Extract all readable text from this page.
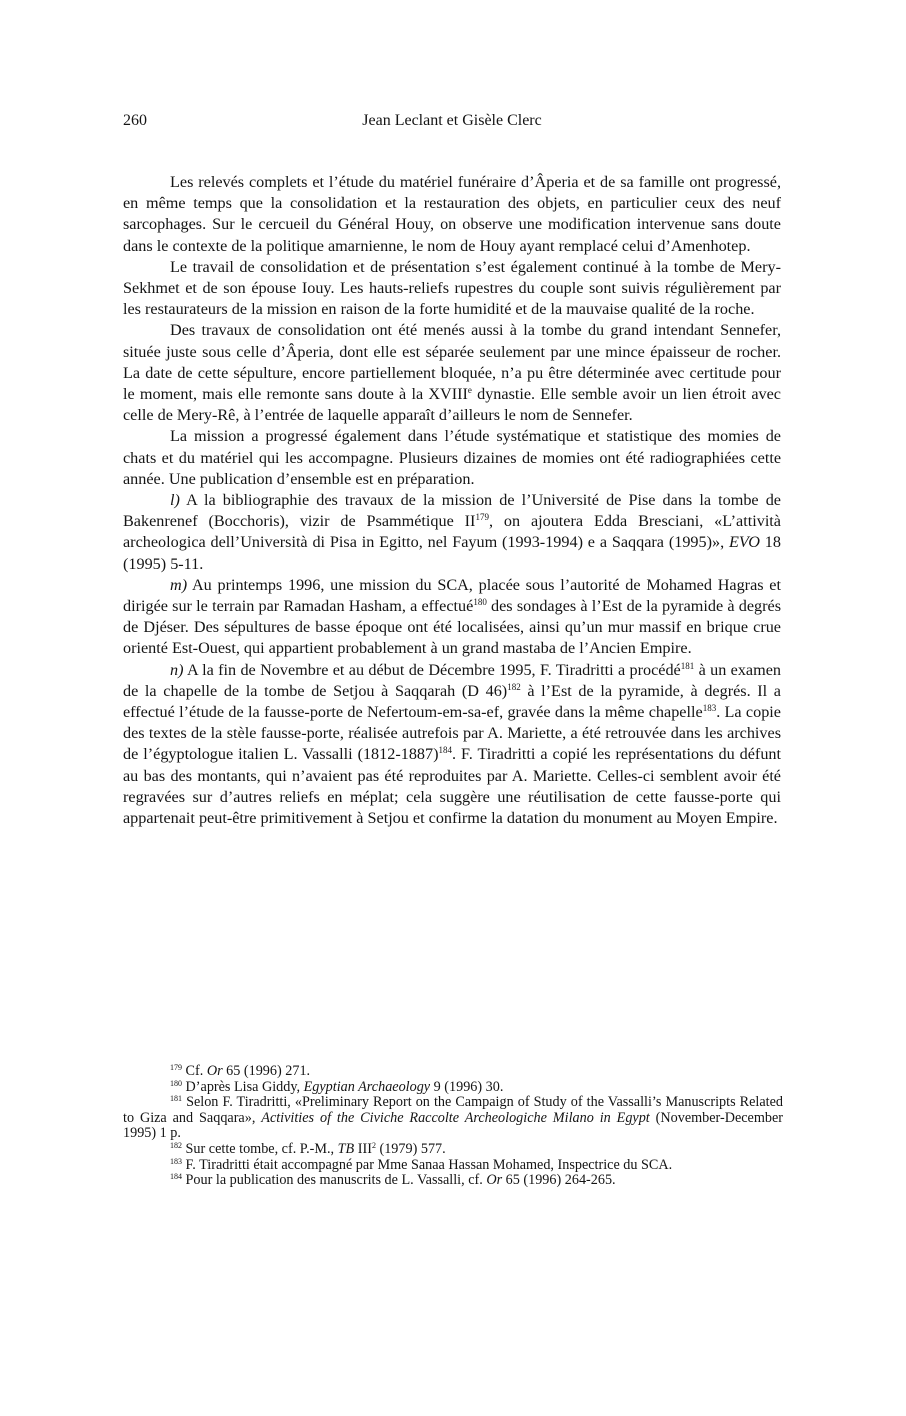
260	Jean Leclant et Gisèle Clerc

Les relevés complets et l’étude du matériel funéraire d’Âperia et de sa famille ont progressé, en même temps que la consolidation et la restauration des objets, en particulier ceux des neuf sarcophages. Sur le cercueil du Général Houy, on observe une modification intervenue sans doute dans le contexte de la politique amarnienne, le nom de Houy ayant remplacé celui d’Amenhotep.

Le travail de consolidation et de présentation s’est également continué à la tombe de Mery-Sekhmet et de son épouse Iouy. Les hauts-reliefs rupestres du couple sont suivis régulièrement par les restaurateurs de la mission en raison de la forte humidité et de la mauvaise qualité de la roche.

Des travaux de consolidation ont été menés aussi à la tombe du grand intendant Sennefer, située juste sous celle d’Âperia, dont elle est séparée seulement par une mince épaisseur de rocher. La date de cette sépulture, encore partiellement bloquée, n’a pu être déterminée avec certitude pour le moment, mais elle remonte sans doute à la XVIIIe dynastie. Elle semble avoir un lien étroit avec celle de Mery-Rê, à l’entrée de laquelle apparaît d’ailleurs le nom de Sennefer.

La mission a progressé également dans l’étude systématique et statistique des momies de chats et du matériel qui les accompagne. Plusieurs dizaines de momies ont été radiographiées cette année. Une publication d’ensemble est en préparation.

l) A la bibliographie des travaux de la mission de l’Université de Pise dans la tombe de Bakenrenef (Bocchoris), vizir de Psammétique II$^{179}$, on ajoutera Edda Bresciani, «L’attività archeologica dell’Università di Pisa in Egitto, nel Fayum (1993-1994) e a Saqqara (1995)», EVO 18 (1995) 5-11.

m) Au printemps 1996, une mission du SCA, placée sous l’autorité de Mohamed Hagras et dirigée sur le terrain par Ramadan Hasham, a effectué$^{180}$ des sondages à l’Est de la pyramide à degrés de Djéser. Des sépultures de basse époque ont été localisées, ainsi qu’un mur massif en brique crue orienté Est-Ouest, qui appartient probablement à un grand mastaba de l’Ancien Empire.

n) A la fin de Novembre et au début de Décembre 1995, F. Tiradritti a procédé$^{181}$ à un examen de la chapelle de la tombe de Setjou à Saqqarah (D 46)$^{182}$ à l’Est de la pyramide, à degrés. Il a effectué l’étude de la fausse-porte de Nefertoum-em-sa-ef, gravée dans la même chapelle$^{183}$. La copie des textes de la stèle fausse-porte, réalisée autrefois par A. Mariette, a été retrouvée dans les archives de l’égyptologue italien L. Vassalli (1812-1887)$^{184}$. F. Tiradritti a copié les représentations du défunt au bas des montants, qui n’avaient pas été reproduites par A. Mariette. Celles-ci semblent avoir été regravées sur d’autres reliefs en méplat; cela suggère une réutilisation de cette fausse-porte qui appartenait peut-être primitivement à Setjou et confirme la datation du monument au Moyen Empire.

$^{179}$ Cf. Or 65 (1996) 271.

$^{180}$ D’après Lisa Giddy, Egyptian Archaeology 9 (1996) 30.

$^{181}$ Selon F. Tiradritti, «Preliminary Report on the Campaign of Study of the Vassalli’s Manuscripts Related to Giza and Saqqara», Activities of the Civiche Raccolte Archeologiche Milano in Egypt (November-December 1995) 1 p.

$^{182}$ Sur cette tombe, cf. P.-M., TB III$^2$ (1979) 577.

$^{183}$ F. Tiradritti était accompagné par Mme Sanaa Hassan Mohamed, Inspectrice du SCA.

$^{184}$ Pour la publication des manuscrits de L. Vassalli, cf. Or 65 (1996) 264-265.
